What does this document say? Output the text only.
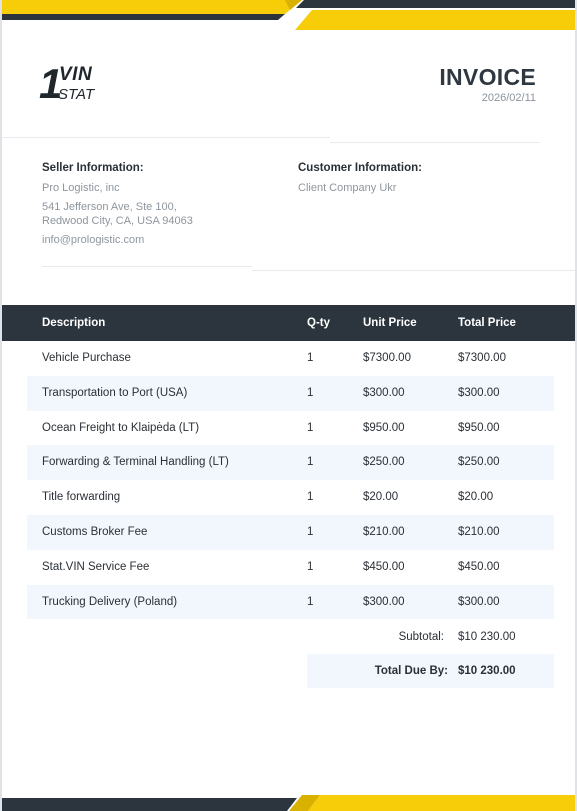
1
VIN
STAT
INVOICE
2026/02/11
Seller Information:
Pro Logistic, inc
541 Jefferson Ave, Ste 100,
Redwood City, CA, USA 94063
info@prologistic.com
Customer Information:
Client Company Ukr
Description	Q-ty	Unit Price	Total Price
Vehicle Purchase	1	$7300.00	$7300.00
Transportation to Port (USA)	1	$300.00	$300.00
Ocean Freight to Klaipėda (LT)	1	$950.00	$950.00
Forwarding & Terminal Handling (LT)	1	$250.00	$250.00
Title forwarding	1	$20.00	$20.00
Customs Broker Fee	1	$210.00	$210.00
Stat.VIN Service Fee	1	$450.00	$450.00
Trucking Delivery (Poland)	1	$300.00	$300.00
Subtotal: $10 230.00
Total Due By: $10 230.00
